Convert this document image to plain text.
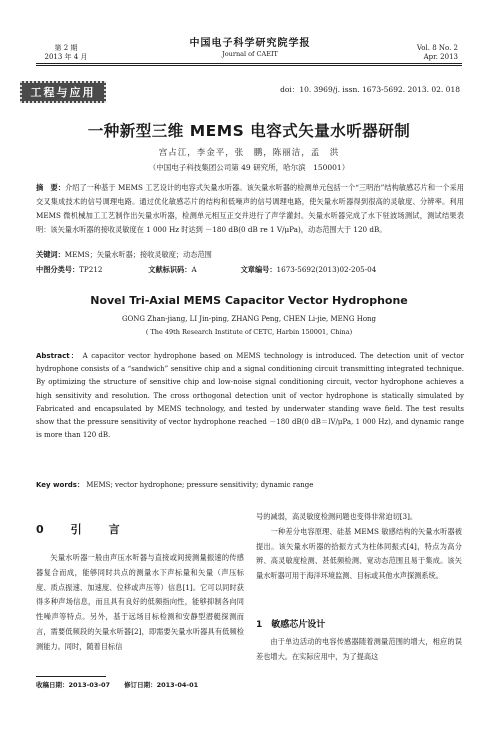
第 2 期
2013 年 4 月
中国电子科学研究院学报
Journal of CAEIT
Vol. 8 No. 2
Apr. 2013
工程与应用	doi：10. 3969/j. issn. 1673-5692. 2013. 02. 018
一种新型三维 MEMS 电容式矢量水听器研制
宫占江，李金平，张　鹏，陈丽洁，孟　洪
（中国电子科技集团公司第 49 研究所，哈尔滨　150001）
摘　要：介绍了一种基于 MEMS 工艺设计的电容式矢量水听器。该矢量水听器的检测单元包括一个“三明治”结构敏感芯片和一个采用交叉集成技术的信号调理电路。通过优化敏感芯片的结构和低噪声的信号调理电路，使矢量水听器得到很高的灵敏度、分辨率。利用 MEMS 微机械加工工艺制作出矢量水听器，检测单元相互正交并进行了声学灌封。矢量水听器完成了水下驻波场测试，测试结果表明：该矢量水听器的接收灵敏度在 1 000 Hz 时达到 －180 dB(0 dB re 1 V/μPa)，动态范围大于 120 dB。
关键词：MEMS；矢量水听器；接收灵敏度；动态范围
中图分类号：TP212	文献标识码：A	文章编号：1673-5692(2013)02-205-04
Novel Tri-Axial MEMS Capacitor Vector Hydrophone
GONG Zhan-jiang, LI Jin-ping, ZHANG Peng, CHEN Li-jie, MENG Hong
( The 49th Research Institute of CETC, Harbin 150001, China)
Abstract： A capacitor vector hydrophone based on MEMS technology is introduced. The detection unit of vector hydrophone consists of a “sandwich” sensitive chip and a signal conditioning circuit transmitting integrated technique. By optimizing the structure of sensitive chip and low-noise signal conditioning circuit, vector hydrophone achieves a high sensitivity and resolution. The cross orthogonal detection unit of vector hydrophone is statically simulated by Fabricated and encapsulated by MEMS technology, and tested by underwater standing wave field. The test results show that the pressure sensitivity of vector hydrophone reached －180 dB(0 dB＝lV/μPa, 1 000 Hz), and dynamic range is more than 120 dB.
Key words： MEMS; vector hydrophone; pressure sensitivity; dynamic range
0　引　言
矢量水听器一般由声压水听器与直接或间接测量振速的传感器复合而成，能够同时共点的测量水下声标量和矢量（声压标度、质点振速、加速度、位移或声压等）信息[1]。它可以同时获得多种声场信息，而且具有良好的低频指向性，能够抑制各向同性噪声等特点。另外，基于远场目标检测和安静型潜艇探测而言，需要低频段的矢量水听器[2]，即需要矢量水听器具有低频检测能力。同时，随着目标信

号的减弱，高灵敏度检测问题也变得非常迫切[3]。

　　一种差分电容原理、硅基 MEMS 敏感结构的矢量水听器被提出。该矢量水听器的拾振方式为柱体同振式[4]，特点为高分辨、高灵敏度检测、甚低频检测、宽动态范围且易于集成。该矢量水听器可用于海洋环境监测、目标或其他水声探测系统。

1　敏感芯片设计
由于单边活动的电容传感器随着测量范围的增大，相应的误差也增大。在实际应用中，为了提高这
收稿日期：2013-03-07 修订日期：2013-04-01
